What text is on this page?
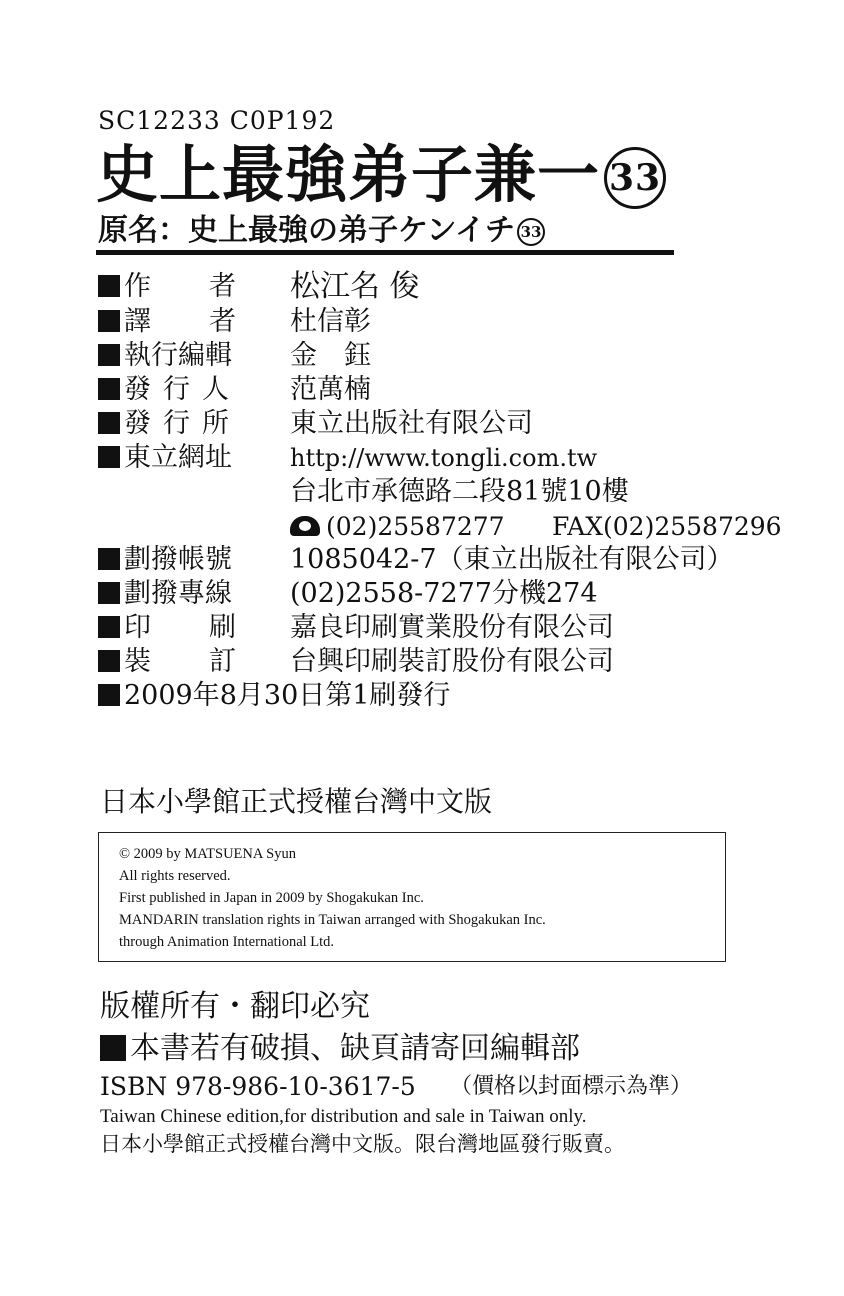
SC12233 C0P192
史上最強弟子兼一 33
原名：史上最強の弟子ケンイチ 33
作者
松江名 俊
譯者
杜信彰
執行編輯 金　鈺
發行人 范萬楠
發行所 東立出版社有限公司
東立網址 http://www.tongli.com.tw
台北市承德路二段81號10樓
(02)25587277 FAX(02)25587296
劃撥帳號 1085042-7（東立出版社有限公司）
劃撥專線 (02)2558-7277分機274
印刷
嘉良印刷實業股份有限公司
裝訂
台興印刷裝訂股份有限公司
2009年8月30日第1刷發行
日本小學館正式授權台灣中文版
© 2009 by MATSUENA Syun
All rights reserved.
First published in Japan in 2009 by Shogakukan Inc.
MANDARIN translation rights in Taiwan arranged with Shogakukan Inc.
through Animation International Ltd.
版權所有・翻印必究
本書若有破損、缺頁請寄回編輯部
ISBN 978-986-10-3617-5 （價格以封面標示為準）
Taiwan Chinese edition,for distribution and sale in Taiwan only.
日本小學館正式授權台灣中文版。限台灣地區發行販賣。
